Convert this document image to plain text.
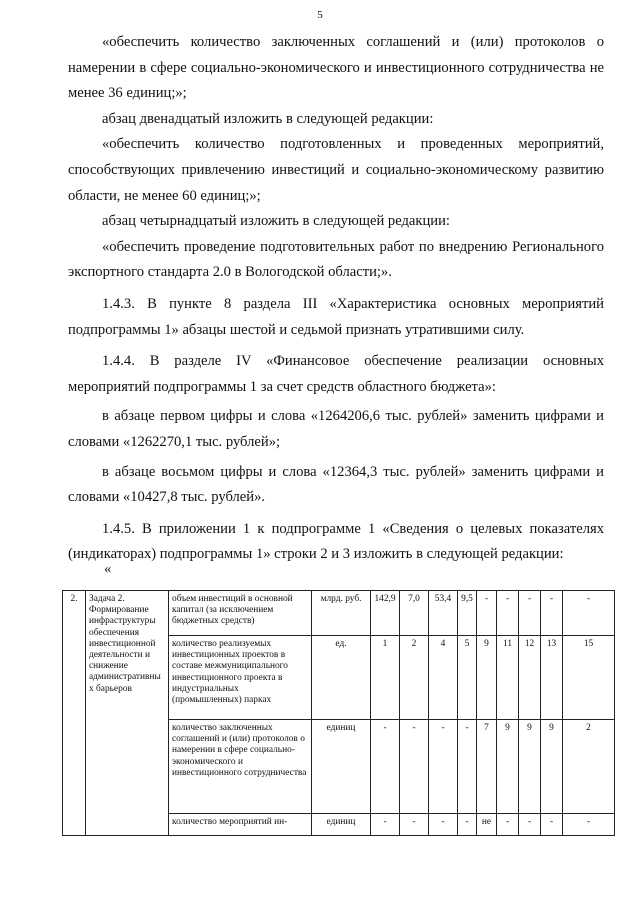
5

«обеспечить количество заключенных соглашений и (или) протоколов о намерении в сфере социально-экономического и инвестиционного сотрудничества не менее 36 единиц;»;

абзац двенадцатый изложить в следующей редакции:

«обеспечить количество подготовленных и проведенных мероприятий, способствующих привлечению инвестиций и социально-экономическому развитию области, не менее 60 единиц;»;

абзац четырнадцатый изложить в следующей редакции:

«обеспечить проведение подготовительных работ по внедрению Регионального экспортного стандарта 2.0 в Вологодской области;».

1.4.3. В пункте 8 раздела III «Характеристика основных мероприятий подпрограммы 1» абзацы шестой и седьмой признать утратившими силу.

1.4.4. В разделе IV «Финансовое обеспечение реализации основных мероприятий подпрограммы 1 за счет средств областного бюджета»:

в абзаце первом цифры и слова «1264206,6 тыс. рублей» заменить цифрами и словами «1262270,1 тыс. рублей»;

в абзаце восьмом цифры и слова «12364,3 тыс. рублей» заменить цифрами и словами «10427,8 тыс. рублей».

1.4.5. В приложении 1 к подпрограмме 1 «Сведения о целевых показателях (индикаторах) подпрограммы 1» строки 2 и 3 изложить в следующей редакции:

«
2.	Задача 2. Формирование инфраструктуры обеспечения инвестиционной деятельности и снижение административных барьеров	объем инвестиций в основной капитал (за исключением бюджетных средств)	млрд. руб.	142,9	7,0	53,4	9,5	-	-	-	-	-
		количество реализуемых инвестиционных проектов в составе межмуниципального инвестиционного проекта в индустриальных (промышленных) парках	ед.	1	2	4	5	9	11	12	13	15
		количество заключенных соглашений и (или) протоколов о намерении в сфере социально-экономического и инвестиционного сотрудничества	единиц	-	-	-	-	7	9	9	9	2
		количество мероприятий ин-	единиц	-	-	-	-	не	-	-	-	-
